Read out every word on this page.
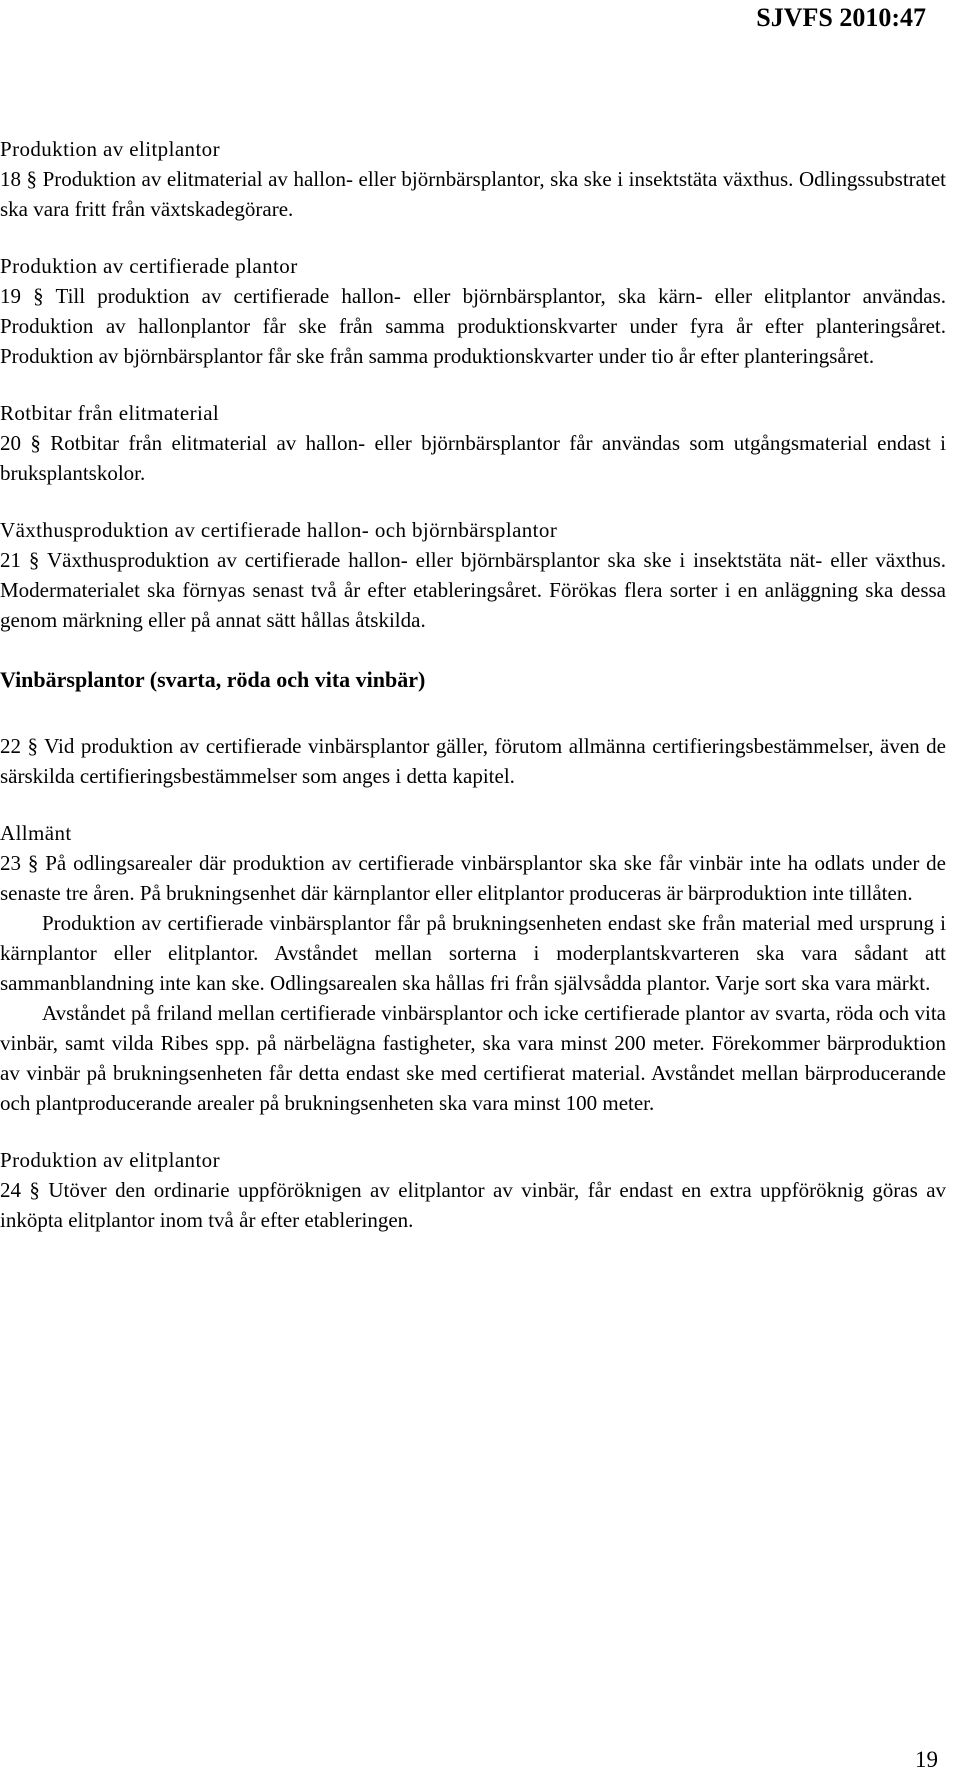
SJVFS 2010:47

Produktion av elitplantor

18 § Produktion av elitmaterial av hallon- eller björnbärsplantor, ska ske i insektstäta växthus. Odlingssubstratet ska vara fritt från växtskadegörare.

Produktion av certifierade plantor

19 § Till produktion av certifierade hallon- eller björnbärsplantor, ska kärn- eller elitplantor användas. Produktion av hallonplantor får ske från samma produktionskvarter under fyra år efter planteringsåret. Produktion av björnbärsplantor får ske från samma produktionskvarter under tio år efter planteringsåret.

Rotbitar från elitmaterial

20 § Rotbitar från elitmaterial av hallon- eller björnbärsplantor får användas som utgångsmaterial endast i bruksplantskolor.

Växthusproduktion av certifierade hallon- och björnbärsplantor

21 § Växthusproduktion av certifierade hallon- eller björnbärsplantor ska ske i insektstäta nät- eller växthus. Modermaterialet ska förnyas senast två år efter etableringsåret. Förökas flera sorter i en anläggning ska dessa genom märkning eller på annat sätt hållas åtskilda.

Vinbärsplantor (svarta, röda och vita vinbär)

22 § Vid produktion av certifierade vinbärsplantor gäller, förutom allmänna certifieringsbestämmelser, även de särskilda certifieringsbestämmelser som anges i detta kapitel.

Allmänt

23 § På odlingsarealer där produktion av certifierade vinbärsplantor ska ske får vinbär inte ha odlats under de senaste tre åren. På brukningsenhet där kärnplantor eller elitplantor produceras är bärproduktion inte tillåten.

Produktion av certifierade vinbärsplantor får på brukningsenheten endast ske från material med ursprung i kärnplantor eller elitplantor. Avståndet mellan sorterna i moderplantskvarteren ska vara sådant att sammanblandning inte kan ske. Odlingsarealen ska hållas fri från självsådda plantor. Varje sort ska vara märkt.

Avståndet på friland mellan certifierade vinbärsplantor och icke certifierade plantor av svarta, röda och vita vinbär, samt vilda Ribes spp. på närbelägna fastigheter, ska vara minst 200 meter. Förekommer bärproduktion av vinbär på brukningsenheten får detta endast ske med certifierat material. Avståndet mellan bärproducerande och plantproducerande arealer på brukningsenheten ska vara minst 100 meter.

Produktion av elitplantor

24 § Utöver den ordinarie uppföröknigen av elitplantor av vinbär, får endast en extra uppföröknig göras av inköpta elitplantor inom två år efter etableringen.

19
